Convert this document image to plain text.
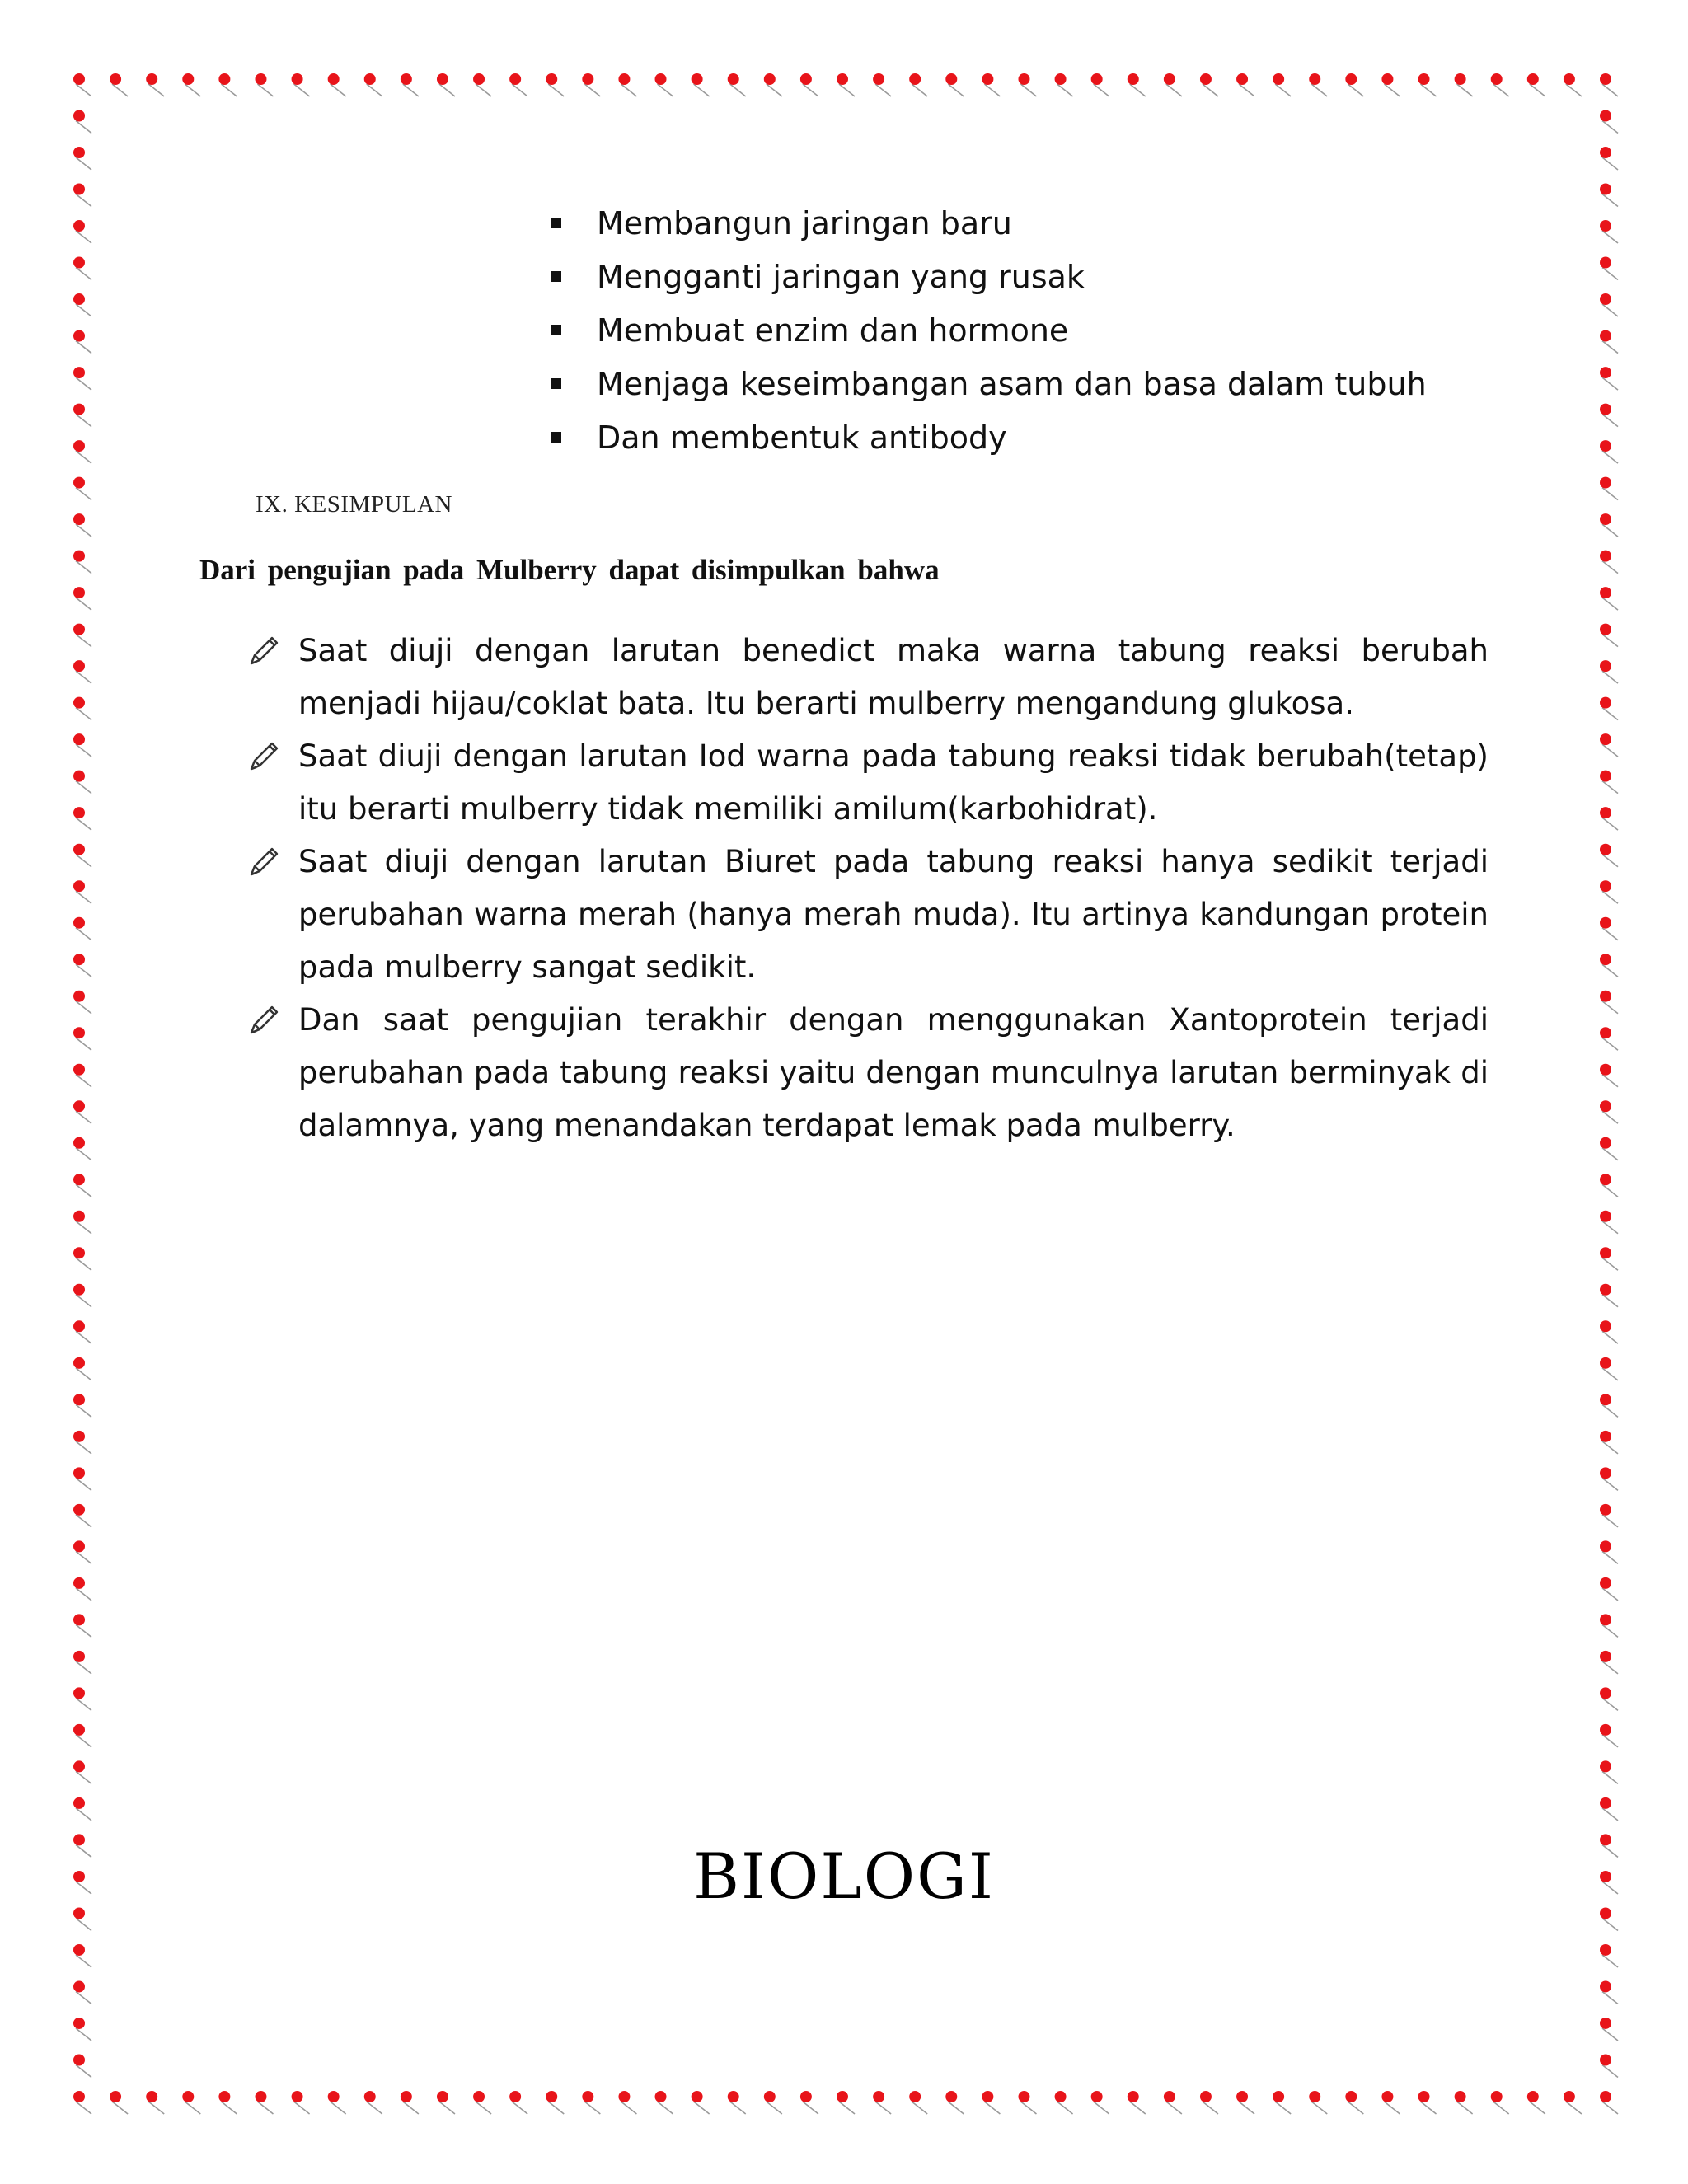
Membangun jaringan baru
Mengganti jaringan yang rusak
Membuat enzim dan hormone
Menjaga keseimbangan asam dan basa dalam tubuh
Dan membentuk antibody
IX. KESIMPULAN
Dari pengujian pada Mulberry dapat disimpulkan bahwa
Saat diuji dengan larutan benedict maka warna tabung reaksi berubah menjadi hijau/coklat bata. Itu berarti mulberry mengandung glukosa.
Saat diuji dengan larutan Iod warna pada tabung reaksi tidak berubah(tetap) itu berarti mulberry tidak memiliki amilum(karbohidrat).
Saat diuji dengan larutan Biuret pada tabung reaksi hanya sedikit terjadi perubahan warna merah (hanya merah muda). Itu artinya kandungan protein pada mulberry sangat sedikit.
Dan saat pengujian terakhir dengan menggunakan Xantoprotein terjadi perubahan pada tabung reaksi yaitu dengan munculnya larutan berminyak di dalamnya, yang menandakan terdapat lemak pada mulberry.
BIOLOGI
